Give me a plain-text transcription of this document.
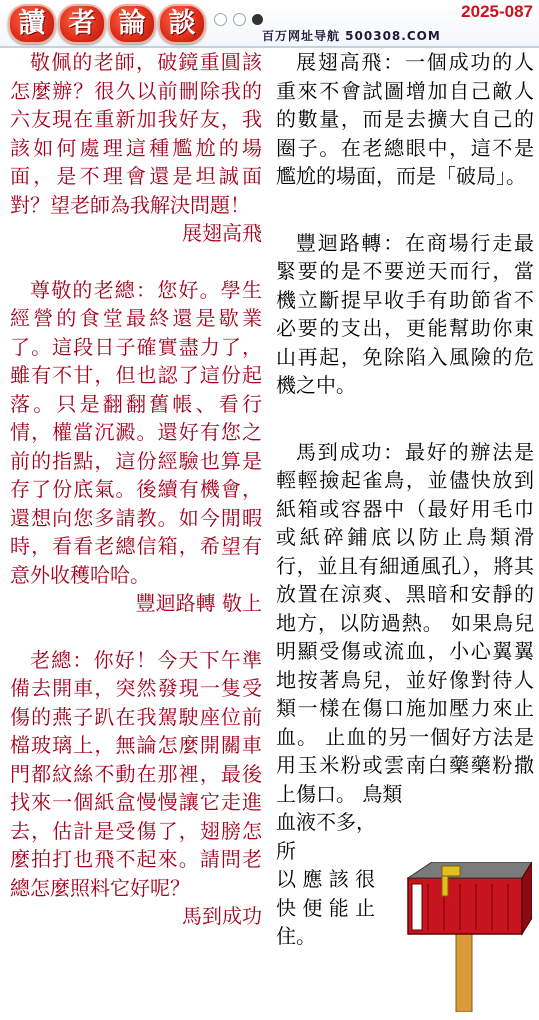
讀 者 論 談	2025-087
百万网址导航 500308.COM

敬佩的老師，破鏡重圓該怎麼辦？很久以前刪除我的六友現在重新加我好友，我該如何處理這種尷尬的場面，是不理會還是坦誠面對？望老師為我解決問題！

展翅高飛

尊敬的老總：您好。學生經營的食堂最終還是歇業了。這段日子確實盡力了，雖有不甘，但也認了這份起落。只是翻翻舊帳、看行情，權當沉澱。還好有您之前的指點，這份經驗也算是存了份底氣。後續有機會，還想向您多請教。如今閒暇時，看看老總信箱，希望有意外收穫哈哈。

豐迴路轉 敬上

老總：你好！今天下午準備去開車，突然發現一隻受傷的燕子趴在我駕駛座位前檔玻璃上，無論怎麼開關車門都紋絲不動在那裡，最後找來一個紙盒慢慢讓它走進去，估計是受傷了，翅膀怎麼拍打也飛不起來。請問老總怎麼照料它好呢？

馬到成功

展翅高飛：一個成功的人重來不會試圖增加自己敵人的數量，而是去擴大自己的圈子。在老總眼中，這不是尷尬的場面，而是「破局」。

豐迴路轉：在商場行走最緊要的是不要逆天而行，當機立斷提早收手有助節省不必要的支出，更能幫助你東山再起，免除陷入風險的危機之中。

馬到成功：最好的辦法是輕輕撿起雀鳥，並儘快放到紙箱或容器中（最好用毛巾或紙碎鋪底以防止鳥類滑行，並且有細通風孔），將其放置在涼爽、黑暗和安靜的地方，以防過熱。 如果鳥兒明顯受傷或流血，小心翼翼地按著鳥兒，並好像對待人類一樣在傷口施加壓力來止血。 止血的另一個好方法是用玉米粉或雲南白藥藥粉撒上傷口。 鳥類

血液不多，所
以 應 該 很
快 便 能 止
住。
